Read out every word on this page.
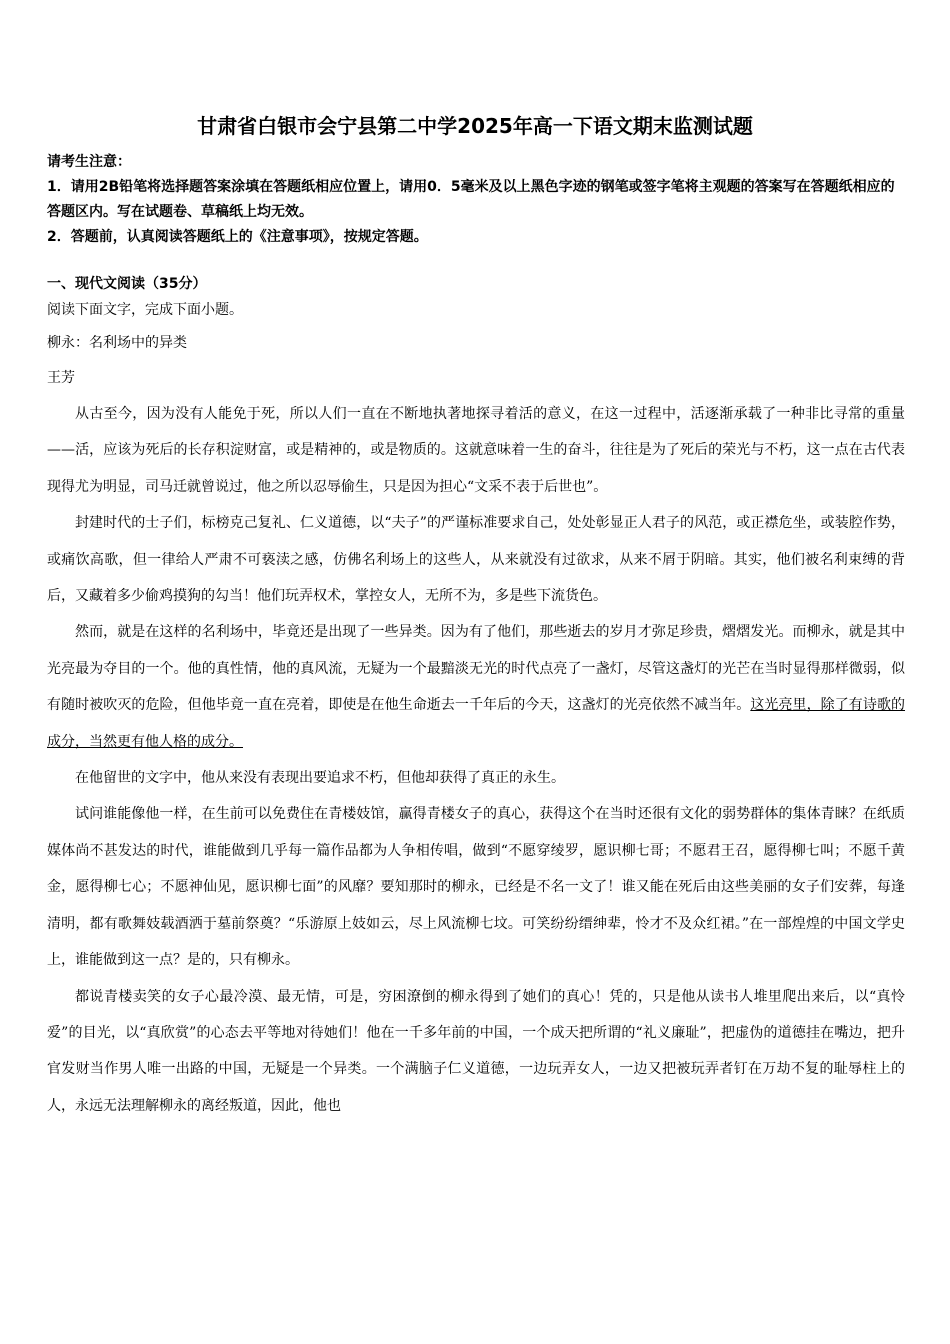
甘肃省白银市会宁县第二中学2025年高一下语文期末监测试题

请考生注意：

1．请用2B铅笔将选择题答案涂填在答题纸相应位置上，请用0．5毫米及以上黑色字迹的钢笔或签字笔将主观题的答案写在答题纸相应的答题区内。写在试题卷、草稿纸上均无效。

2．答题前，认真阅读答题纸上的《注意事项》，按规定答题。

一、现代文阅读（35分）
阅读下面文字，完成下面小题。
柳永：名利场中的异类
王芳

从古至今，因为没有人能免于死，所以人们一直在不断地执著地探寻着活的意义，在这一过程中，活逐渐承载了一种非比寻常的重量——活，应该为死后的长存积淀财富，或是精神的，或是物质的。这就意味着一生的奋斗，往往是为了死后的荣光与不朽，这一点在古代表现得尤为明显，司马迁就曾说过，他之所以忍辱偷生，只是因为担心“文采不表于后世也”。

封建时代的士子们，标榜克己复礼、仁义道德，以“夫子”的严谨标准要求自己，处处彰显正人君子的风范，或正襟危坐，或装腔作势，或痛饮高歌，但一律给人严肃不可亵渎之感，仿佛名利场上的这些人，从来就没有过欲求，从来不屑于阴暗。其实，他们被名利束缚的背后，又藏着多少偷鸡摸狗的勾当！他们玩弄权术，掌控女人，无所不为，多是些下流货色。

然而，就是在这样的名利场中，毕竟还是出现了一些异类。因为有了他们，那些逝去的岁月才弥足珍贵，熠熠发光。而柳永，就是其中光亮最为夺目的一个。他的真性情，他的真风流，无疑为一个最黯淡无光的时代点亮了一盏灯，尽管这盏灯的光芒在当时显得那样微弱，似有随时被吹灭的危险，但他毕竟一直在亮着，即使是在他生命逝去一千年后的今天，这盏灯的光亮依然不减当年。这光亮里，除了有诗歌的成分，当然更有他人格的成分。

在他留世的文字中，他从来没有表现出要追求不朽，但他却获得了真正的永生。

试问谁能像他一样，在生前可以免费住在青楼妓馆，赢得青楼女子的真心，获得这个在当时还很有文化的弱势群体的集体青睐？在纸质媒体尚不甚发达的时代，谁能做到几乎每一篇作品都为人争相传唱，做到“不愿穿绫罗，愿识柳七哥；不愿君王召，愿得柳七叫；不愿千黄金，愿得柳七心；不愿神仙见，愿识柳七面”的风靡？要知那时的柳永，已经是不名一文了！谁又能在死后由这些美丽的女子们安葬，每逢清明，都有歌舞妓载酒洒于墓前祭奠？“乐游原上妓如云，尽上风流柳七坟。可笑纷纷缙绅辈，怜才不及众红裙。”在一部煌煌的中国文学史上，谁能做到这一点？是的，只有柳永。

都说青楼卖笑的女子心最冷漠、最无情，可是，穷困潦倒的柳永得到了她们的真心！凭的，只是他从读书人堆里爬出来后，以“真怜爱”的目光，以“真欣赏”的心态去平等地对待她们！他在一千多年前的中国，一个成天把所谓的“礼义廉耻”，把虚伪的道德挂在嘴边，把升官发财当作男人唯一出路的中国，无疑是一个异类。一个满脑子仁义道德，一边玩弄女人，一边又把被玩弄者钉在万劫不复的耻辱柱上的人，永远无法理解柳永的离经叛道，因此，他也
